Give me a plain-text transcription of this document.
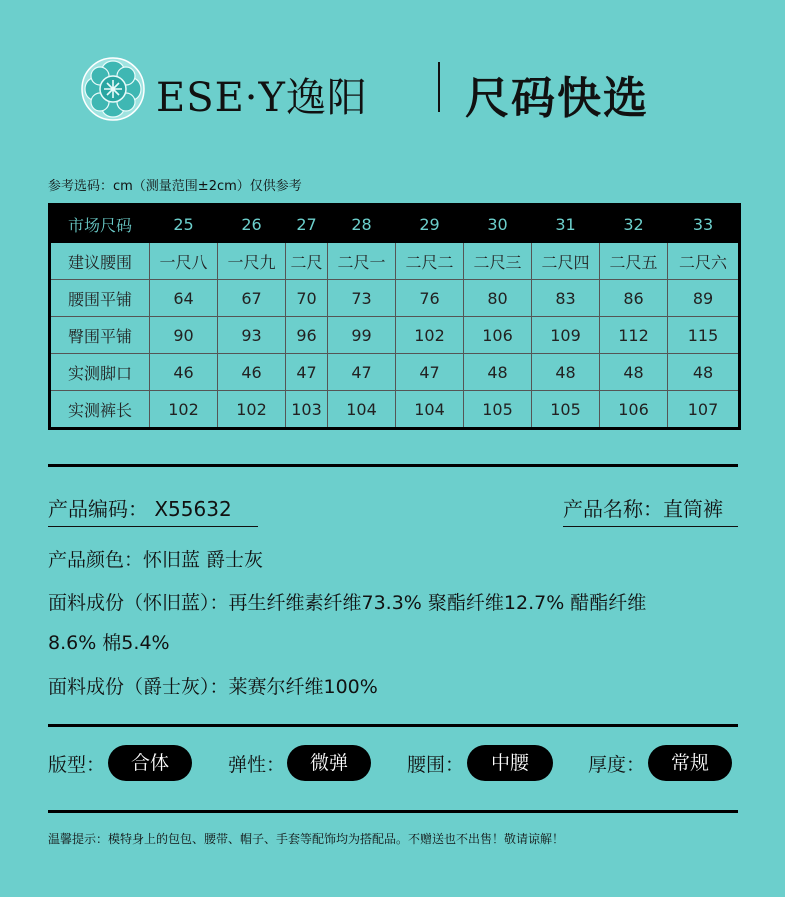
ESE·Y逸阳 尺码快选
参考选码：cm（测量范围±2cm）仅供参考
市场尺码	25	26	27	28	29	30	31	32	33
建议腰围	一尺八	一尺九	二尺	二尺一	二尺二	二尺三	二尺四	二尺五	二尺六
腰围平铺	64	67	70	73	76	80	83	86	89
臀围平铺	90	93	96	99	102	106	109	112	115
实测脚口	46	46	47	47	47	48	48	48	48
实测裤长	102	102	103	104	104	105	105	106	107
产品编码： X55632	产品名称：直筒裤
产品颜色：怀旧蓝 爵士灰
面料成份（怀旧蓝）：再生纤维素纤维73.3% 聚酯纤维12.7% 醋酯纤维
8.6% 棉5.4%
面料成份（爵士灰）：莱赛尔纤维100%
版型：	合体	弹性：	微弹	腰围：	中腰	厚度：	常规
温馨提示：模特身上的包包、腰带、帽子、手套等配饰均为搭配品。不赠送也不出售！敬请谅解！
